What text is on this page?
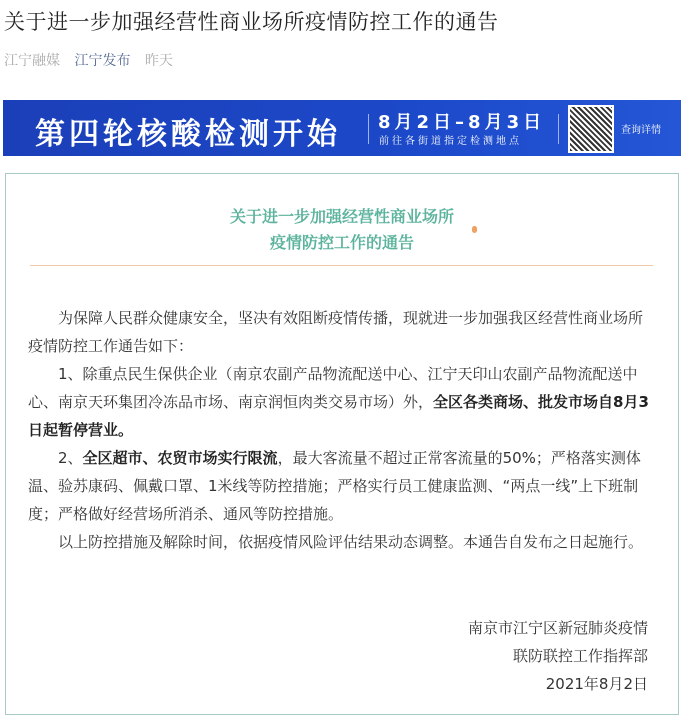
关于进一步加强经营性商业场所疫情防控工作的通告
江宁融媒 江宁发布 昨天
第四轮核酸检测开始 8月2日–8月3日
前往各街道指定检测地点
查询详情
关于进一步加强经营性商业场所
疫情防控工作的通告

为保障人民群众健康安全，坚决有效阻断疫情传播，现就进一步加强我区经营性商业场所疫情防控工作通告如下：

1、除重点民生保供企业（南京农副产品物流配送中心、江宁天印山农副产品物流配送中心、南京天环集团冷冻品市场、南京润恒肉类交易市场）外，全区各类商场、批发市场自8月3日起暂停营业。

2、全区超市、农贸市场实行限流，最大客流量不超过正常客流量的50%；严格落实测体温、验苏康码、佩戴口罩、1米线等防控措施；严格实行员工健康监测、“两点一线”上下班制度；严格做好经营场所消杀、通风等防控措施。

以上防控措施及解除时间，依据疫情风险评估结果动态调整。本通告自发布之日起施行。

南京市江宁区新冠肺炎疫情
联防联控工作指挥部
2021年8月2日
